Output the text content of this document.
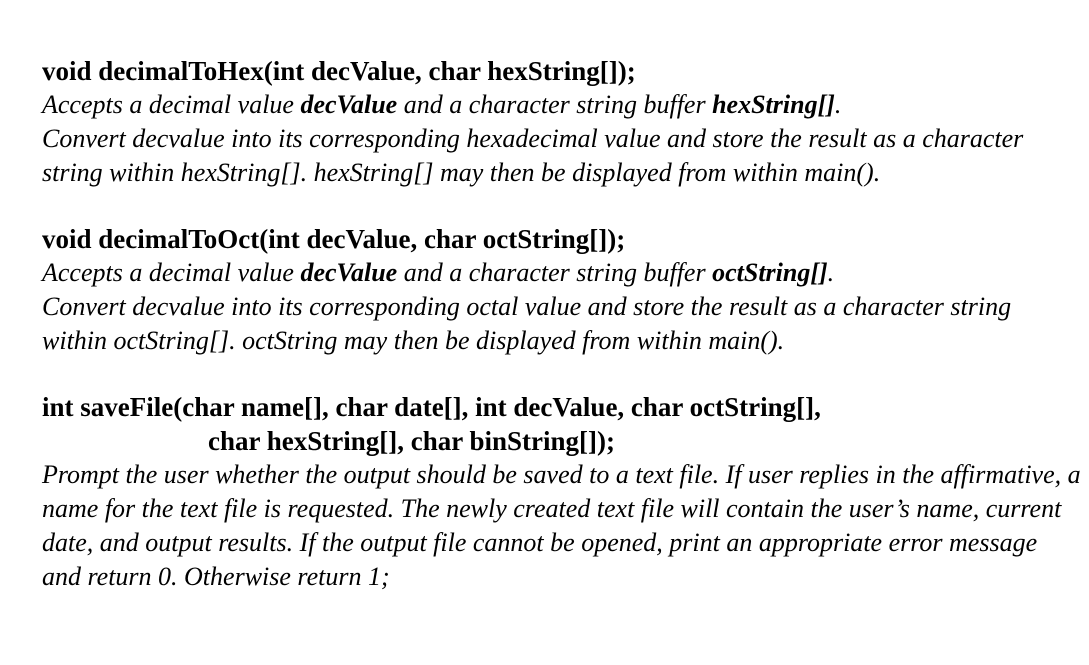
void decimalToHex(int decValue, char hexString[]);
Accepts a decimal value decValue and a character string buffer hexString[].
Convert decvalue into its corresponding hexadecimal value and store the result as a character string within hexString[]. hexString[] may then be displayed from within main().
void decimalToOct(int decValue, char octString[]);
Accepts a decimal value decValue and a character string buffer octString[].
Convert decvalue into its corresponding octal value and store the result as a character string within octString[]. octString may then be displayed from within main().
int saveFile(char name[], char date[], int decValue, char octString[],
char hexString[], char binString[]);
Prompt the user whether the output should be saved to a text file. If user replies in the affirmative, a name for the text file is requested. The newly created text file will contain the user’s name, current date, and output results. If the output file cannot be opened, print an appropriate error message and return 0. Otherwise return 1;
